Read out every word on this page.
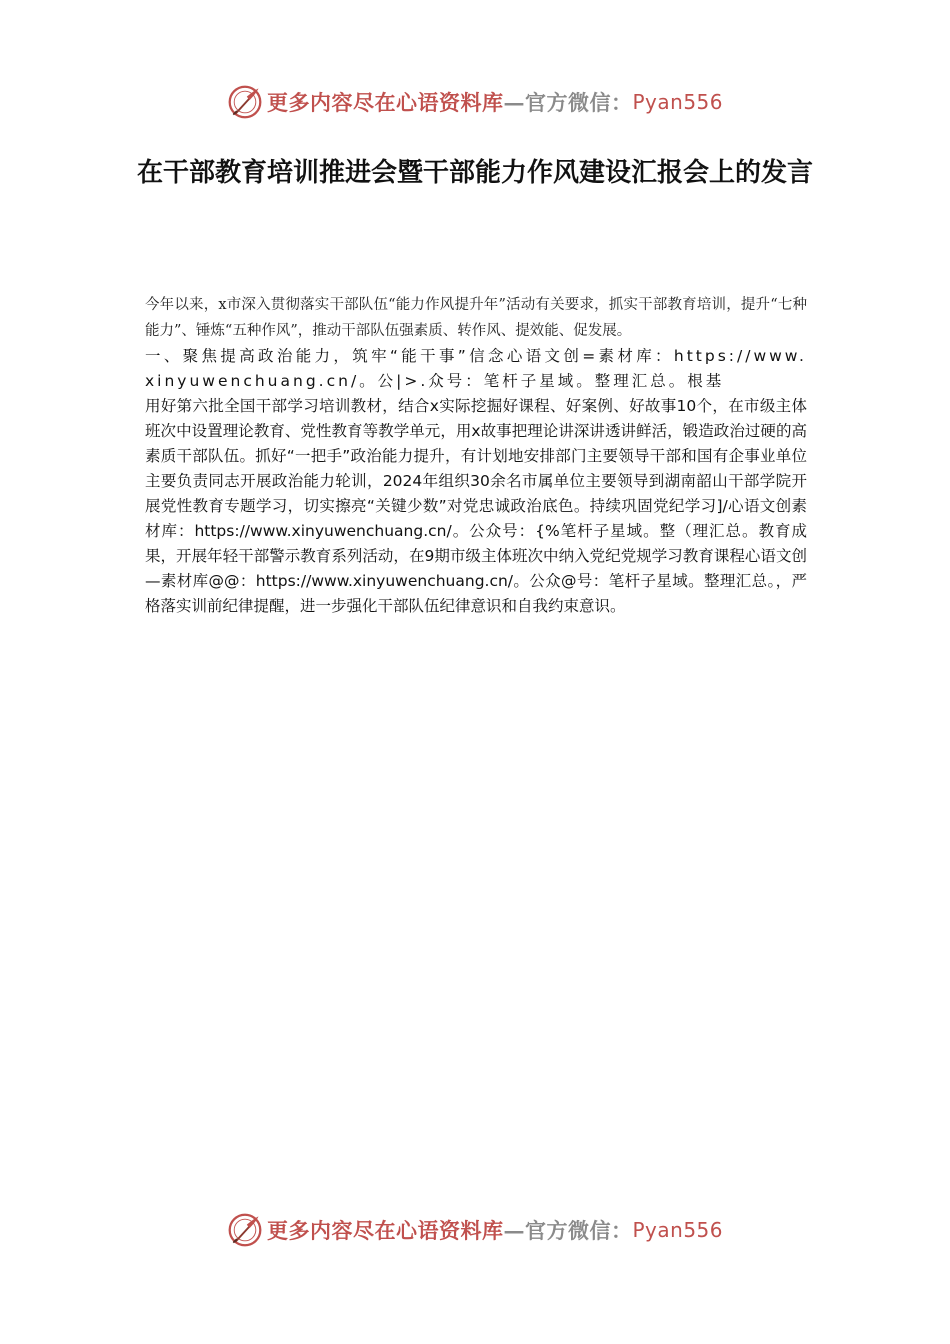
更多内容尽在心语资料库 —官方微信： Pyan556
在干部教育培训推进会暨干部能力作风建设汇报会上的发言

今年以来，x市深入贯彻落实干部队伍“能力作风提升年”活动有关要求，抓实干部教育培训，提升“七种能力”、锤炼“五种作风”，推动干部队伍强素质、转作风、提效能、促发展。

一、聚焦提高政治能力，筑牢“能干事”信念心语文创=素材库：https://www.xinyuwenchuang.cn/。公|>.众号：笔杆子星域。整理汇总。根基
用好第六批全国干部学习培训教材，结合x实际挖掘好课程、好案例、好故事10个，在市级主体班次中设置理论教育、党性教育等教学单元，用x故事把理论讲深讲透讲鲜活，锻造政治过硬的高素质干部队伍。抓好“一把手”政治能力提升，有计划地安排部门主要领导干部和国有企事业单位主要负责同志开展政治能力轮训，2024年组织30余名市属单位主要领导到湖南韶山干部学院开展党性教育专题学习，切实擦亮“关键少数”对党忠诚政治底色。持续巩固党纪学习]/心语文创素材库：https://www.xinyuwenchuang.cn/。公众号：{%笔杆子星域。整（理汇总。教育成果，开展年轻干部警示教育系列活动，在9期市级主体班次中纳入党纪党规学习教育课程心语文创—素材库@@：https://www.xinyuwenchuang.cn/。公众@号：笔杆子星域。整理汇总。，严格落实训前纪律提醒，进一步强化干部队伍纪律意识和自我约束意识。

更多内容尽在心语资料库 —官方微信： Pyan556
